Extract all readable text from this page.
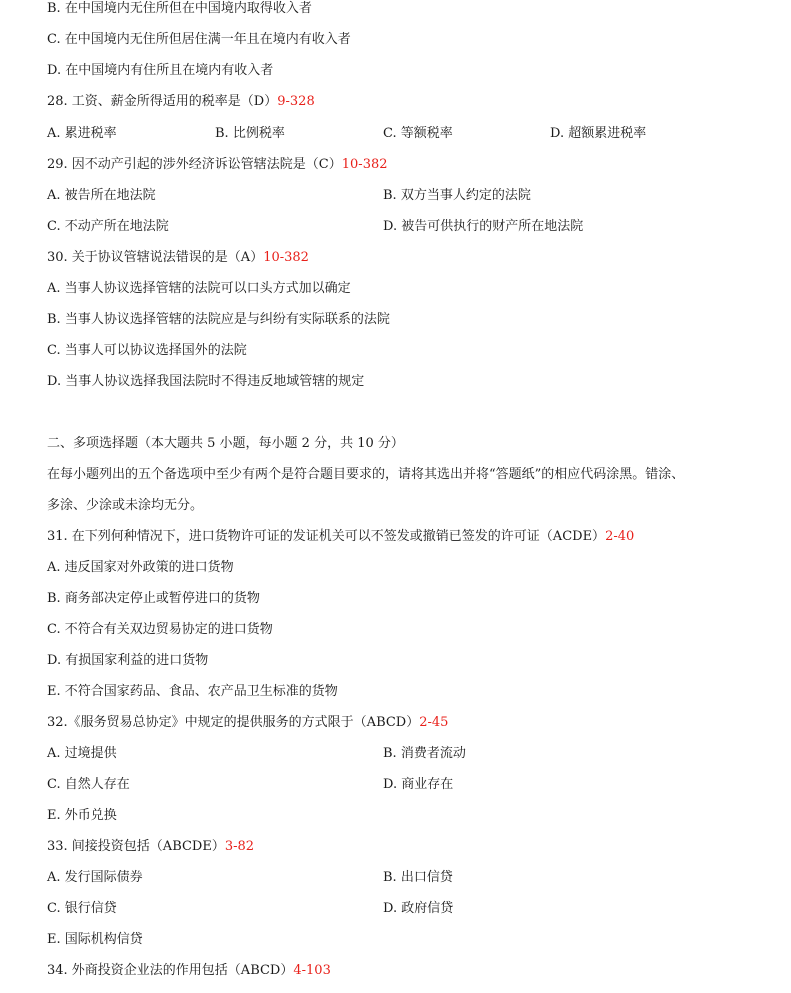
B. 在中国境内无住所但在中国境内取得收入者
C. 在中国境内无住所但居住满一年且在境内有收入者
D. 在中国境内有住所且在境内有收入者
28. 工资、薪金所得适用的税率是（D）9-328
A. 累进税率	B. 比例税率	C. 等额税率	D. 超额累进税率
29. 因不动产引起的涉外经济诉讼管辖法院是（C）10-382
A. 被告所在地法院	B. 双方当事人约定的法院
C. 不动产所在地法院	D. 被告可供执行的财产所在地法院
30. 关于协议管辖说法错误的是（A）10-382
A. 当事人协议选择管辖的法院可以口头方式加以确定
B. 当事人协议选择管辖的法院应是与纠纷有实际联系的法院
C. 当事人可以协议选择国外的法院
D. 当事人协议选择我国法院时不得违反地域管辖的规定
二、多项选择题（本大题共 5 小题，每小题 2 分，共 10 分）
在每小题列出的五个备选项中至少有两个是符合题目要求的，请将其选出并将“答题纸”的相应代码涂黑。错涂、
多涂、少涂或未涂均无分。
31. 在下列何种情况下，进口货物许可证的发证机关可以不签发或撤销已签发的许可证（ACDE）2-40
A. 违反国家对外政策的进口货物
B. 商务部决定停止或暂停进口的货物
C. 不符合有关双边贸易协定的进口货物
D. 有损国家利益的进口货物
E. 不符合国家药品、食品、农产品卫生标准的货物
32.《服务贸易总协定》中规定的提供服务的方式限于（ABCD）2-45
A. 过境提供	B. 消费者流动
C. 自然人存在	D. 商业存在
E. 外币兑换
33. 间接投资包括（ABCDE）3-82
A. 发行国际债券	B. 出口信贷
C. 银行信贷	D. 政府信贷
E. 国际机构信贷
34. 外商投资企业法的作用包括（ABCD）4-103
